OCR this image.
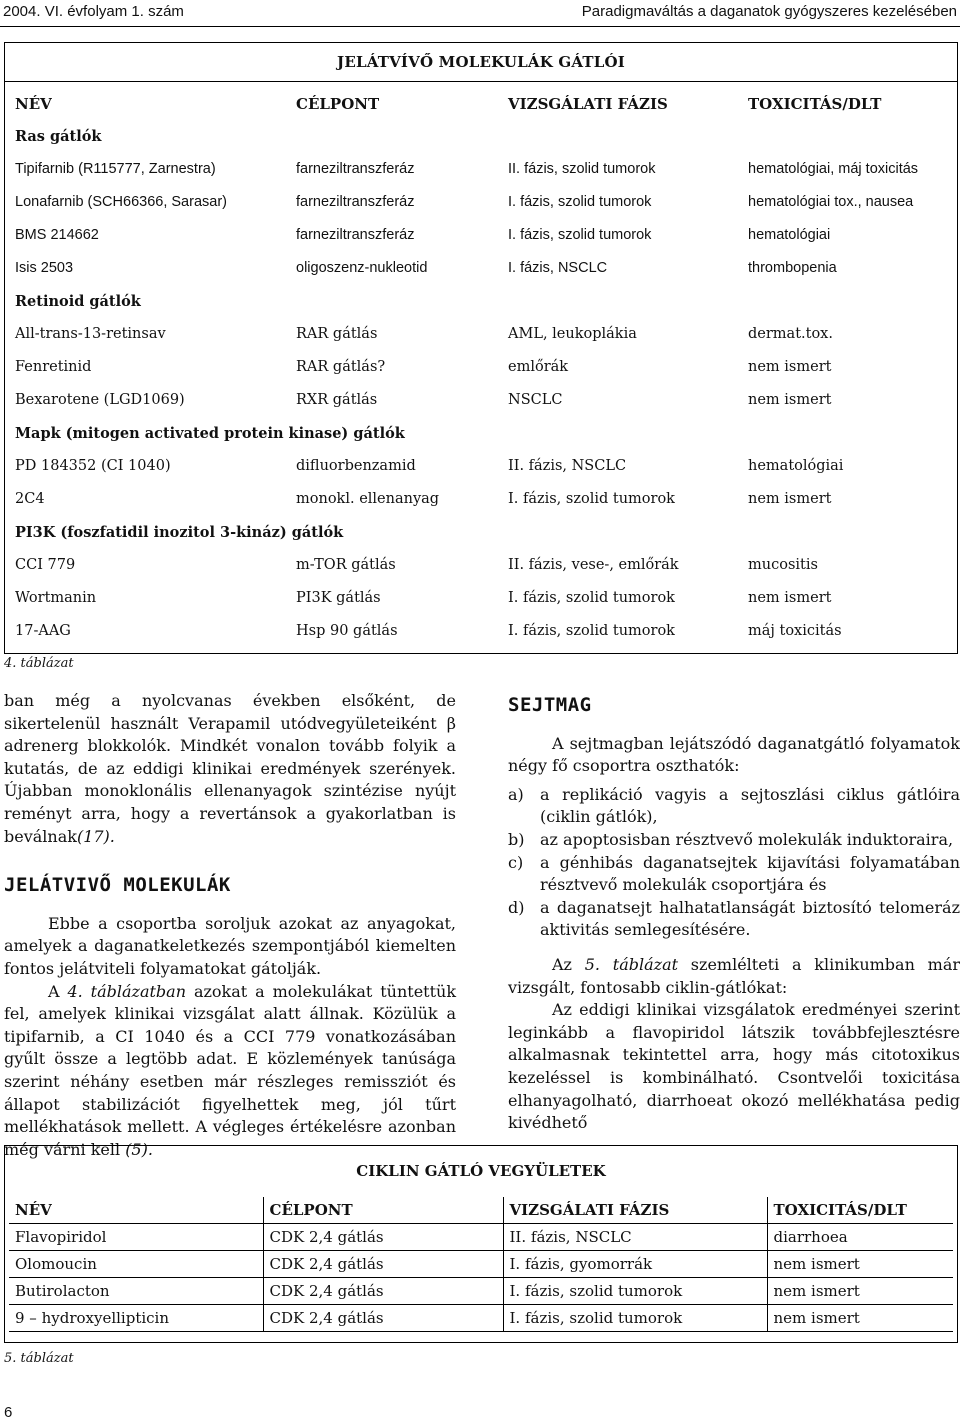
2004. VI. évfolyam 1. szám	Paradigmaváltás a daganatok gyógyszeres kezelésében
JELÁTVÍVŐ MOLEKULÁK GÁTLÓI
NÉV	CÉLPONT	VIZSGÁLATI FÁZIS	TOXICITÁS/DLT
Ras gátlók
Tipifarnib (R115777, Zarnestra)	farneziltranszferáz	II. fázis, szolid tumorok	hematológiai, máj toxicitás
Lonafarnib (SCH66366, Sarasar)	farneziltranszferáz	I. fázis, szolid tumorok	hematológiai tox., nausea
BMS 214662	farneziltranszferáz	I. fázis, szolid tumorok	hematológiai
Isis 2503	oligoszenz-nukleotid	I. fázis, NSCLC	thrombopenia
Retinoid gátlók
All-trans-13-retinsav	RAR gátlás	AML, leukoplákia	dermat.tox.
Fenretinid	RAR gátlás?	emlőrák	nem ismert
Bexarotene (LGD1069)	RXR gátlás	NSCLC	nem ismert
Mapk (mitogen activated protein kinase) gátlók
PD 184352 (CI 1040)	difluorbenzamid	II. fázis, NSCLC	hematológiai
2C4	monokl. ellenanyag	I. fázis, szolid tumorok	nem ismert
PI3K (foszfatidil inozitol 3-kináz) gátlók
CCI 779	m-TOR gátlás	II. fázis, vese-, emlőrák	mucositis
Wortmanin	PI3K gátlás	I. fázis, szolid tumorok	nem ismert
17-AAG	Hsp 90 gátlás	I. fázis, szolid tumorok	máj toxicitás
4. táblázat

ban még a nyolcvanas években elsőként, de sikertelenül használt Verapamil utódvegyületeiként β adrenerg blokkolók. Mindkét vonalon tovább folyik a kutatás, de az eddigi klinikai eredmények szerények. Újabban monoklonális ellenanyagok szintézise nyújt reményt arra, hogy a revertánsok a gyakorlatban is beválnak(17).

JELÁTVIVŐ MOLEKULÁK

Ebbe a csoportba soroljuk azokat az anyagokat, amelyek a daganatkeletkezés szempontjából kiemelten fontos jelátviteli folyamatokat gátolják.

A 4. táblázatban azokat a molekulákat tüntettük fel, amelyek klinikai vizsgálat alatt állnak. Közülük a tipifarnib, a CI 1040 és a CCI 779 vonatkozásában gyűlt össze a legtöbb adat. E közlemények tanúsága szerint néhány esetben már részleges remissziót és állapot stabilizációt figyelhettek meg, jól tűrt mellékhatások mellett. A végleges értékelésre azonban még várni kell (5).

SEJTMAG

A sejtmagban lejátszódó daganatgátló folyamatok négy fő csoportra oszthatók:

a) a replikáció vagyis a sejtoszlási ciklus gátlóira (ciklin gátlók),
b) az apoptosisban résztvevő molekulák induktoraira,
c) a génhibás daganatsejtek kijavítási folyamatában résztvevő molekulák csoportjára és
d) a daganatsejt halhatatlanságát biztosító telomeráz aktivitás semlegesítésére.

Az 5. táblázat szemlélteti a klinikumban már vizsgált, fontosabb ciklin-gátlókat:

Az eddigi klinikai vizsgálatok eredményei szerint leginkább a flavopiridol látszik továbbfejlesztésre alkalmasnak tekintettel arra, hogy más citotoxikus kezeléssel is kombinálható. Csontvelői toxicitása elhanyagolható, diarrhoeat okozó mellékhatása pedig kivédhető

CIKLIN GÁTLÓ VEGYÜLETEK
NÉV	CÉLPONT	VIZSGÁLATI FÁZIS	TOXICITÁS/DLT
Flavopiridol	CDK 2,4 gátlás	II. fázis, NSCLC	diarrhoea
Olomoucin	CDK 2,4 gátlás	I. fázis, gyomorrák	nem ismert
Butirolacton	CDK 2,4 gátlás	I. fázis, szolid tumorok	nem ismert
9 – hydroxyellipticin	CDK 2,4 gátlás	I. fázis, szolid tumorok	nem ismert
5. táblázat
6
